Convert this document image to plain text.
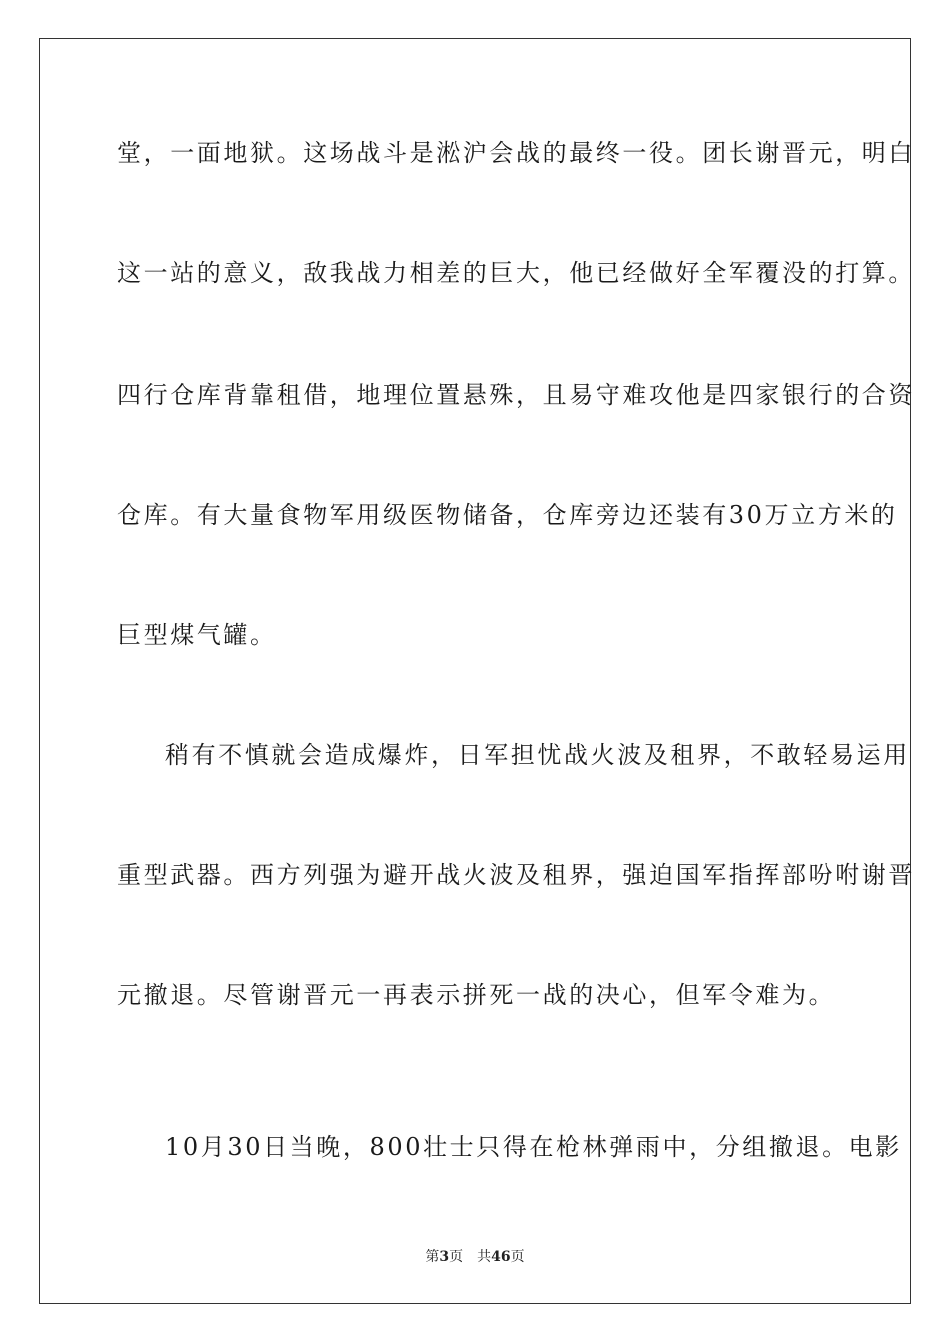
堂，一面地狱。这场战斗是淞沪会战的最终一役。团长谢晋元，明白
这一站的意义，敌我战力相差的巨大，他已经做好全军覆没的打算。
四行仓库背靠租借，地理位置悬殊，且易守难攻他是四家银行的合资
仓库。有大量食物军用级医物储备，仓库旁边还装有30万立方米的
巨型煤气罐。
稍有不慎就会造成爆炸，日军担忧战火波及租界，不敢轻易运用
重型武器。西方列强为避开战火波及租界，强迫国军指挥部吩咐谢晋
元撤退。尽管谢晋元一再表示拼死一战的决心，但军令难为。
10月30日当晚，800壮士只得在枪林弹雨中，分组撤退。电影
第3页 共46页
